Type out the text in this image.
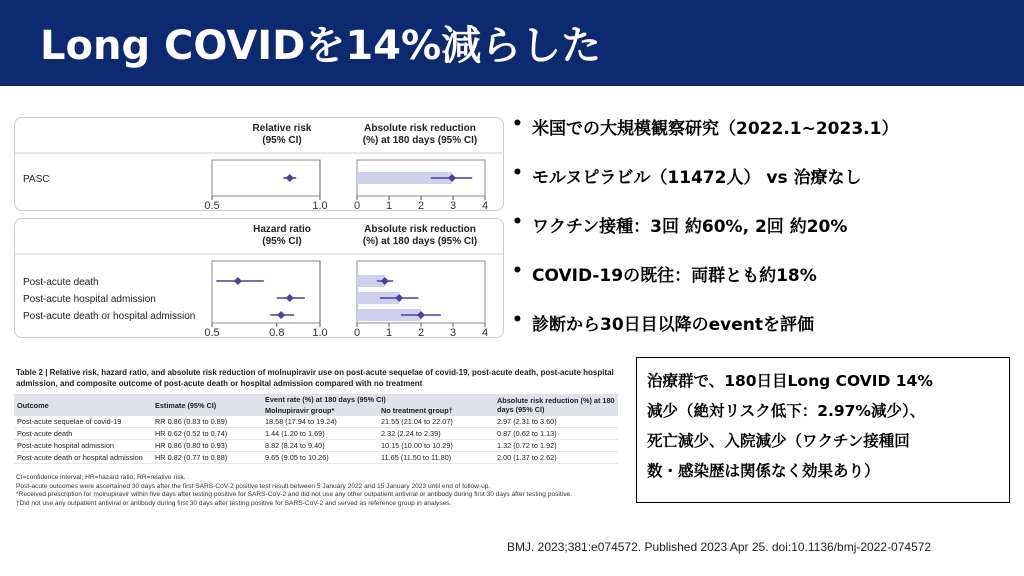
Long COVIDを14%減らした
Relative risk
(95% CI)
Absolute risk reduction
(%) at 180 days (95% CI)
PASC
0.5	1.0 0 1 2 3 4
Hazard ratio
(95% CI)
Absolute risk reduction
(%) at 180 days (95% CI)
Post-acute death
Post-acute hospital admission
Post-acute death or hospital admission
0.5	0.8	1.0 0 1 2 3 4
• 米国での大規模観察研究（2022.1~2023.1）
• モルヌピラビル（11472人） vs 治療なし
• ワクチン接種：3回 約60%, 2回 約20%
• COVID-19の既往：両群とも約18%
• 診断から30日目以降のeventを評価
Table 2 | Relative risk, hazard ratio, and absolute risk reduction of molnupiravir use on post-acute sequelae of covid-19, post-acute death, post-acute hospital admission, and composite outcome of post-acute death or hospital admission compared with no treatment
Outcome	Estimate (95% CI)	Event rate (%) at 180 days (95% CI)		Absolute risk reduction (%) at 180 days (95% CI)
		Molnupiravir group*	No treatment group†	
Post-acute sequelae of covid-19	RR 0.86 (0.83 to 0.89)	18.58 (17.94 to 19.24)	21.55 (21.04 to 22.07)	2.97 (2.31 to 3.60)
Post-acute death	HR 0.62 (0.52 to 0.74)	1.44 (1.20 to 1.69)	2.32 (2.24 to 2.39)	0.87 (0.62 to 1.13)
Post-acute hospital admission	HR 0.86 (0.80 to 0.93)	8.82 (8.24 to 9.40)	10.15 (10.00 to 10.29)	1.32 (0.72 to 1.92)
Post-acute death or hospital admission	HR 0.82 (0.77 to 0.88)	9.65 (9.05 to 10.26)	11.65 (11.50 to 11.80)	2.00 (1.37 to 2.62)
CI=confidence interval; HR=hazard ratio; RR=relative risk.
Post-acute outcomes were ascertained 30 days after the first SARS-CoV-2 positive test result between 5 January 2022 and 15 January 2023 until end of follow-up.
*Received prescription for molnupiravir within five days after testing positive for SARS-CoV-2 and did not use any other outpatient antiviral or antibody during first 30 days after testing positive.
†Did not use any outpatient antiviral or antibody during first 30 days after testing positive for SARS-CoV-2 and served as reference group in analyses.
治療群で、180日目Long COVID 14%
減少（絶対リスク低下：2.97%減少）、
死亡減少、入院減少（ワクチン接種回
数・感染歴は関係なく効果あり）
BMJ. 2023;381:e074572. Published 2023 Apr 25. doi:10.1136/bmj-2022-074572
